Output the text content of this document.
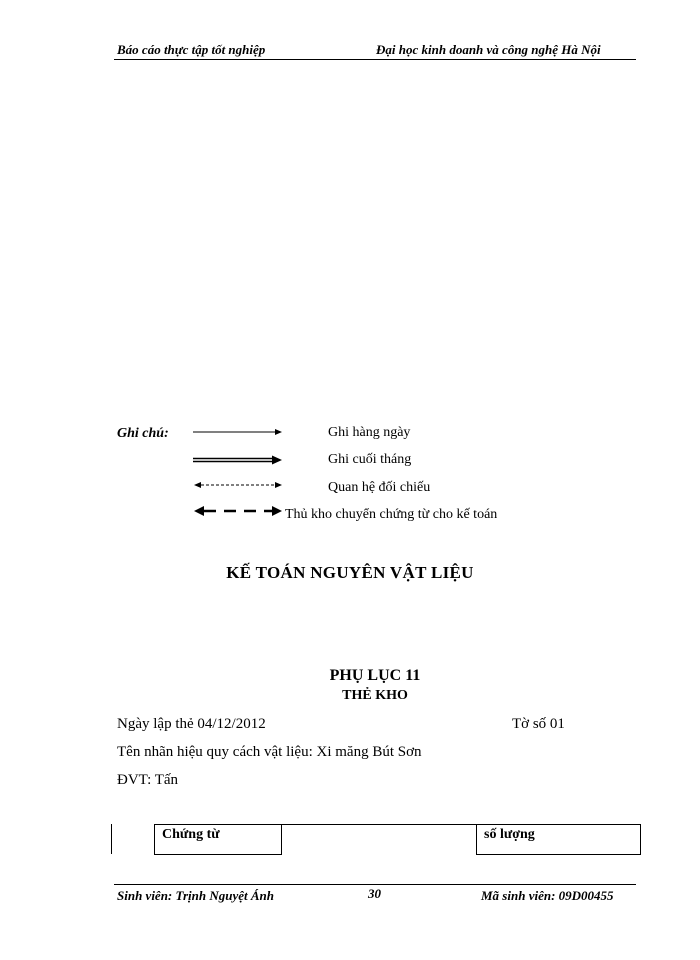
Báo cáo thực tập tốt nghiệp	Đại học kinh doanh và công nghệ Hà Nội
Ghi chú:	Ghi hàng ngày
Ghi cuối tháng
Quan hệ đối chiếu
Thủ kho chuyển chứng từ cho kế toán
KẾ TOÁN NGUYÊN VẬT LIỆU
PHỤ LỤC 11
THẺ KHO
Ngày lập thẻ 04/12/2012	Tờ số 01
Tên nhãn hiệu quy cách vật liệu: Xi măng Bút Sơn
ĐVT: Tấn
Chứng từ	số lượng
Sinh viên: Trịnh Nguyệt Ánh	30	Mã sinh viên: 09D00455
